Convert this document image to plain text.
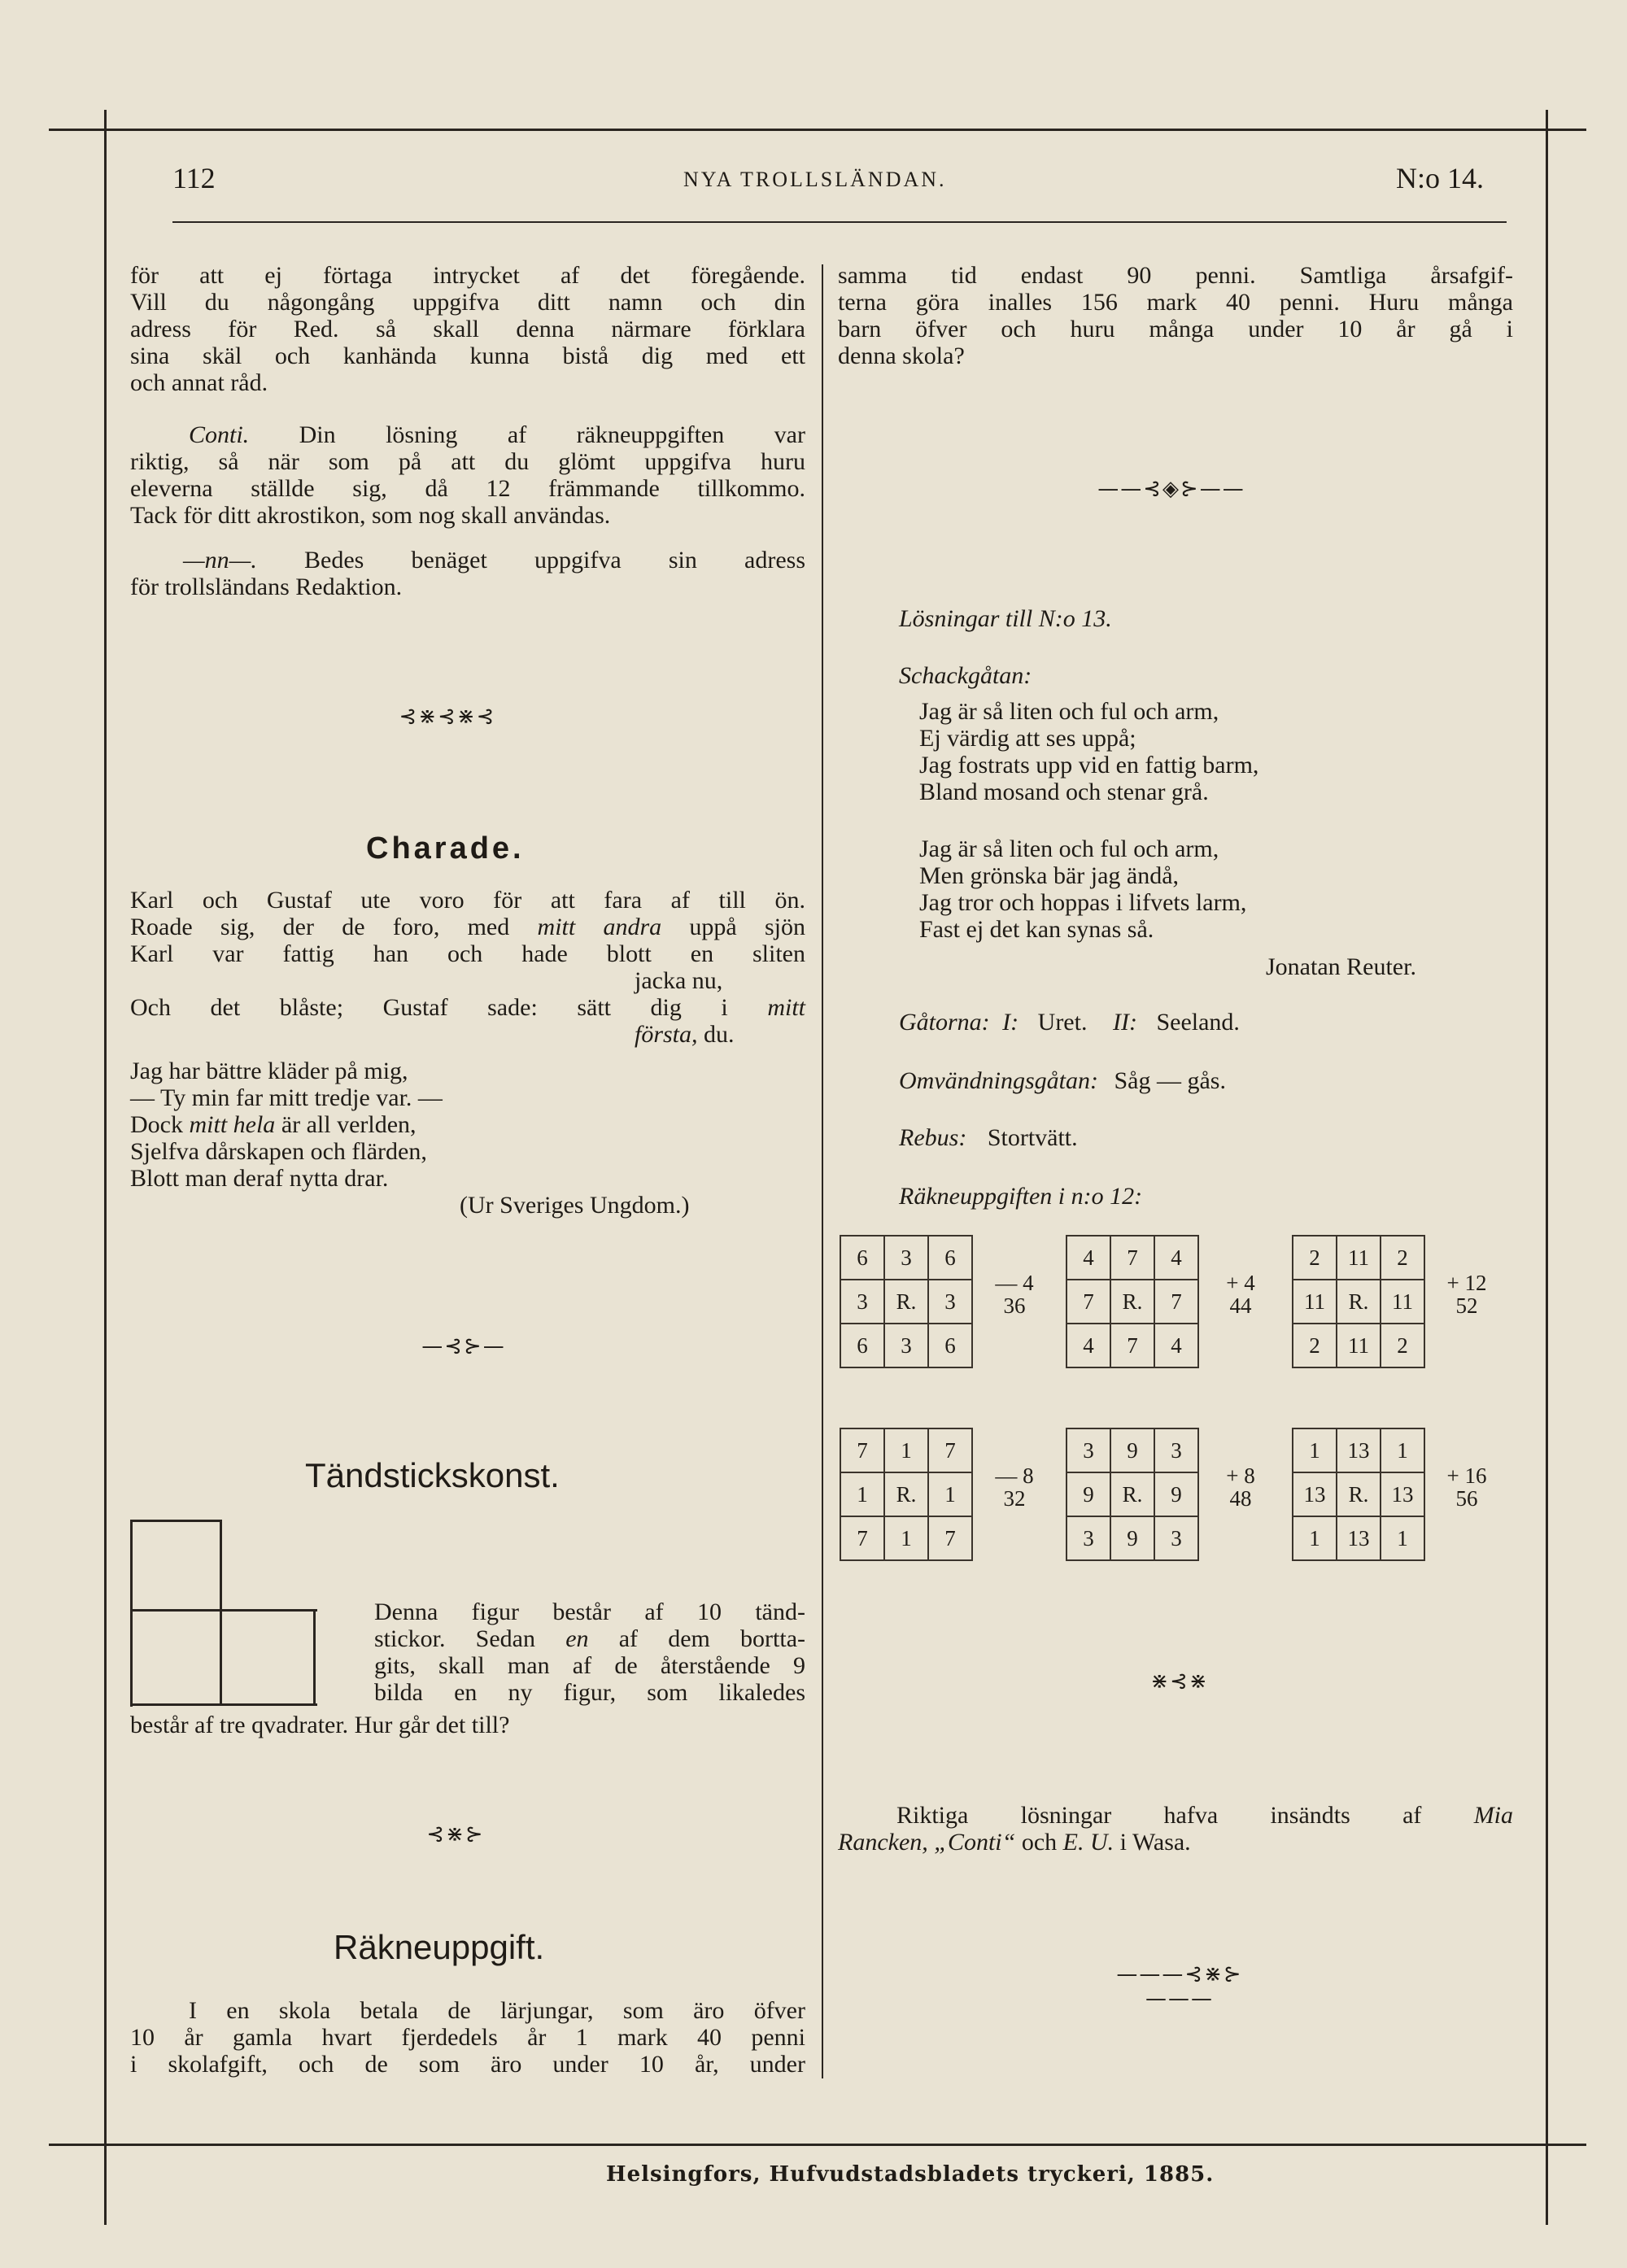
112	NYA TROLLSLÄNDAN.	N:o 14.
för att ej förtaga intrycket af det föregående.
Vill du någongång uppgifva ditt namn och din
adress för Red. så skall denna närmare förklara
sina skäl och kanhända kunna bistå dig med ett
och annat råd.
Conti. Din lösning af räkneuppgiften var
riktig, så när som på att du glömt uppgifva huru
eleverna ställde sig, då 12 främmande tillkommo.
Tack för ditt akrostikon, som nog skall användas.
—nn—. Bedes benäget uppgifva sin adress
för trollsländans Redaktion.
⊰⋇⊰⋇⊰
Charade.
Karl och Gustaf ute voro för att fara af till ön.
Roade sig, der de foro, med mitt andra uppå sjön
Karl var fattig han och hade blott en sliten
jacka nu,
Och det blåste; Gustaf sade: sätt dig i mitt
första, du.
Jag har bättre kläder på mig,
— Ty min far mitt tredje var. —
Dock mitt hela är all verlden,
Sjelfva dårskapen och flärden,
Blott man deraf nytta drar.
(Ur Sveriges Ungdom.)
—⊰⊱—
Tändstickskonst.
Denna figur består af 10 tänd-
stickor. Sedan en af dem bortta-
gits, skall man af de återstående 9
bilda en ny figur, som likaledes
består af tre qvadrater. Hur går det till?
⊰⋇⊱
Räkneuppgift.
I en skola betala de lärjungar, som äro öfver
10 år gamla hvart fjerdedels år 1 mark 40 penni
i skolafgift, och de som äro under 10 år, under
samma tid endast 90 penni. Samtliga årsafgif-
terna göra inalles 156 mark 40 penni. Huru många
barn öfver och huru många under 10 år gå i
denna skola?
——⊰◈⊱——
Lösningar till N:o 13.
Schackgåtan:
Jag är så liten och ful och arm,
Ej värdig att ses uppå;
Jag fostrats upp vid en fattig barm,
Bland mosand och stenar grå.
Jag är så liten och ful och arm,
Men grönska bär jag ändå,
Jag tror och hoppas i lifvets larm,
Fast ej det kan synas så.
Jonatan Reuter.
Gåtorna: I: Uret. II: Seeland.
Omvändningsgåtan: Såg — gås.
Rebus: Stortvätt.
Räkneuppgiften i n:o 12:
6	3	6
3	R.	3
6	3	6
— 4
36
4	7	4
7	R.	7
4	7	4
+ 4
44
2	11	2
11	R.	11
2	11	2
+ 12
52
7	1	7
1	R.	1
7	1	7
— 8
32
3	9	3
9	R.	9
3	9	3
+ 8
48
1	13	1
13	R.	13
1	13	1
+ 16
56
⋇⊰⋇
Riktiga lösningar hafva insändts af Mia
Rancken, „Conti“ och E. U. i Wasa.
———⊰⋇⊱———
Helsingfors, Hufvudstadsbladets tryckeri, 1885.
